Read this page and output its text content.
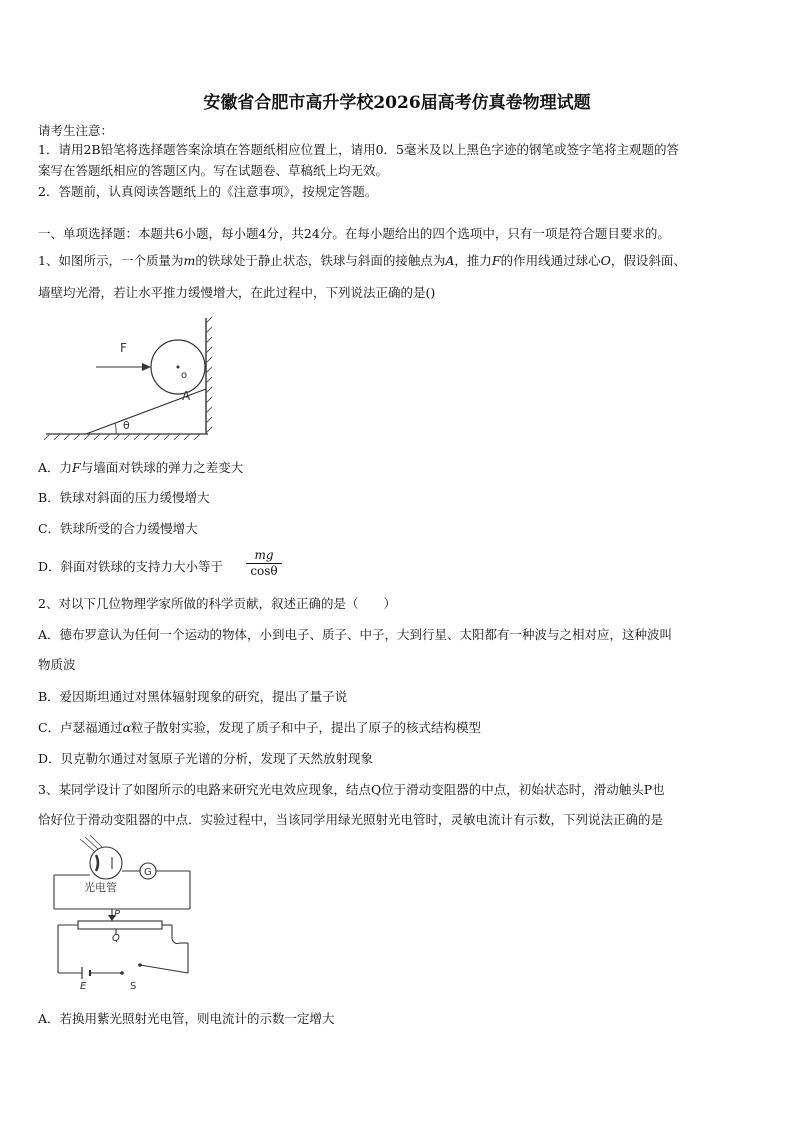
安徽省合肥市高升学校2026届高考仿真卷物理试题
请考生注意：
1．请用2B铅笔将选择题答案涂填在答题纸相应位置上，请用0．5毫米及以上黑色字迹的钢笔或签字笔将主观题的答
案写在答题纸相应的答题区内。写在试题卷、草稿纸上均无效。
2．答题前，认真阅读答题纸上的《注意事项》，按规定答题。
一、单项选择题：本题共6小题，每小题4分，共24分。在每小题给出的四个选项中，只有一项是符合题目要求的。
1、如图所示，一个质量为m的铁球处于静止状态，铁球与斜面的接触点为A，推力F的作用线通过球心O，假设斜面、
墙壁均光滑，若让水平推力缓慢增大，在此过程中，下列说法正确的是()
F
o
A
θ
A．力F与墙面对铁球的弹力之差变大
B．铁球对斜面的压力缓慢增大
C．铁球所受的合力缓慢增大
D．斜面对铁球的支持力大小等于 $\frac{mg}{\cos\theta}$
2、对以下几位物理学家所做的科学贡献，叙述正确的是（　　）
A．德布罗意认为任何一个运动的物体，小到电子、质子、中子，大到行星、太阳都有一种波与之相对应，这种波叫
物质波
B．爱因斯坦通过对黑体辐射现象的研究，提出了量子说
C．卢瑟福通过α粒子散射实验，发现了质子和中子，提出了原子的核式结构模型
D．贝克勒尔通过对氢原子光谱的分析，发现了天然放射现象
3、某同学设计了如图所示的电路来研究光电效应现象，结点Q位于滑动变阻器的中点，初始状态时，滑动触头P也
恰好位于滑动变阻器的中点．实验过程中，当该同学用绿光照射光电管时，灵敏电流计有示数，下列说法正确的是
G
光电管
P
Q
E	S
A．若换用紫光照射光电管，则电流计的示数一定增大
